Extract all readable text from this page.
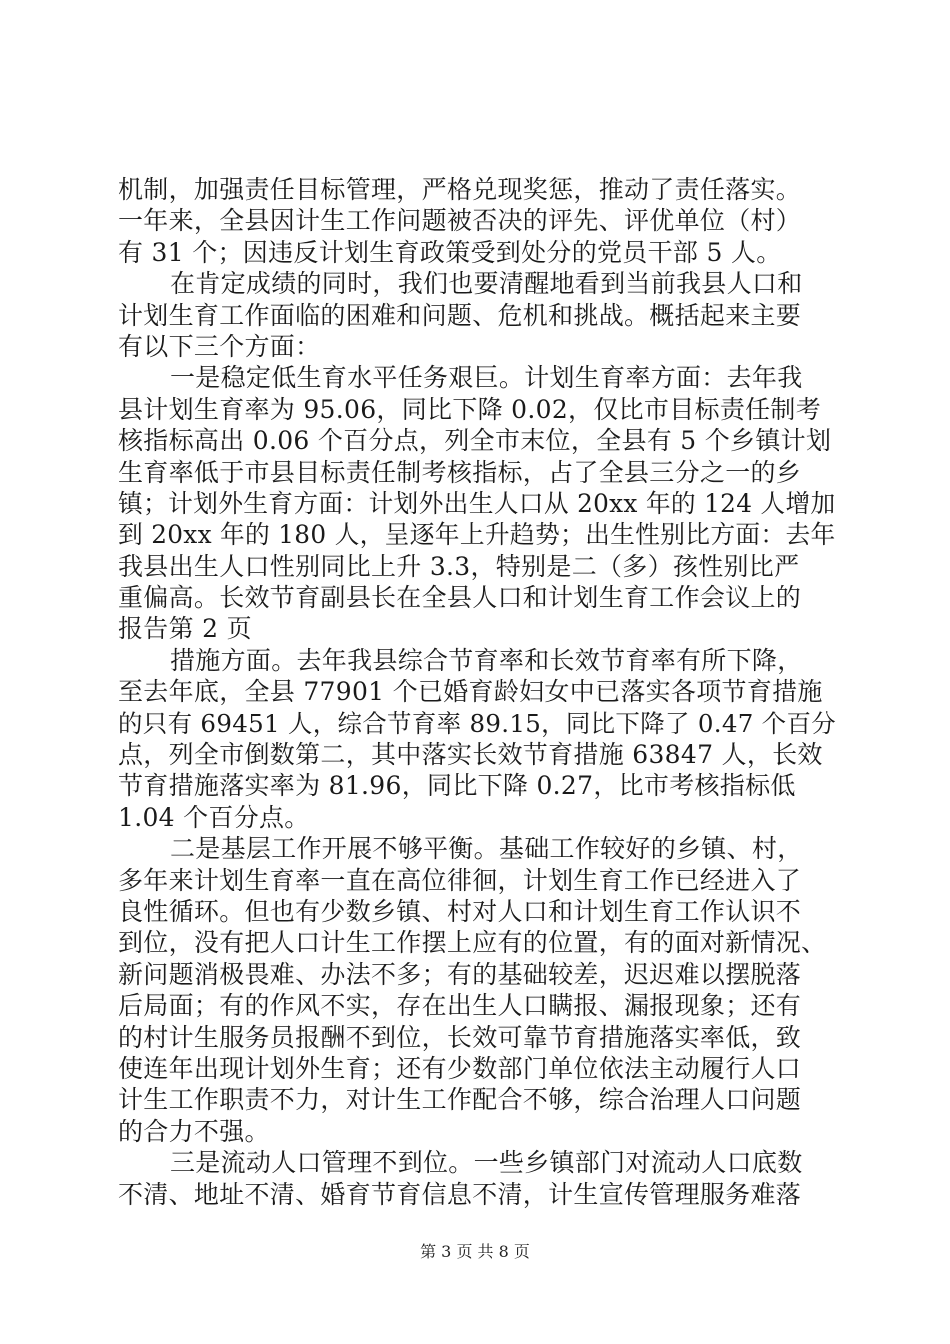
机制，加强责任目标管理，严格兑现奖惩，推动了责任落实。
一年来，全县因计生工作问题被否决的评先、评优单位（村）
有 31 个；因违反计划生育政策受到处分的党员干部 5 人。
在肯定成绩的同时，我们也要清醒地看到当前我县人口和
计划生育工作面临的困难和问题、危机和挑战。概括起来主要
有以下三个方面：
一是稳定低生育水平任务艰巨。计划生育率方面：去年我
县计划生育率为 95.06，同比下降 0.02，仅比市目标责任制考
核指标高出 0.06 个百分点，列全市末位，全县有 5 个乡镇计划
生育率低于市县目标责任制考核指标，占了全县三分之一的乡
镇；计划外生育方面：计划外出生人口从 20xx 年的 124 人增加
到 20xx 年的 180 人，呈逐年上升趋势；出生性别比方面：去年
我县出生人口性别同比上升 3.3，特别是二（多）孩性别比严
重偏高。长效节育副县长在全县人口和计划生育工作会议上的
报告第 2 页
措施方面。去年我县综合节育率和长效节育率有所下降，
至去年底，全县 77901 个已婚育龄妇女中已落实各项节育措施
的只有 69451 人，综合节育率 89.15，同比下降了 0.47 个百分
点，列全市倒数第二，其中落实长效节育措施 63847 人，长效
节育措施落实率为 81.96，同比下降 0.27，比市考核指标低
1.04 个百分点。
二是基层工作开展不够平衡。基础工作较好的乡镇、村，
多年来计划生育率一直在高位徘徊，计划生育工作已经进入了
良性循环。但也有少数乡镇、村对人口和计划生育工作认识不
到位，没有把人口计生工作摆上应有的位置，有的面对新情况、
新问题消极畏难、办法不多；有的基础较差，迟迟难以摆脱落
后局面；有的作风不实，存在出生人口瞒报、漏报现象；还有
的村计生服务员报酬不到位，长效可靠节育措施落实率低，致
使连年出现计划外生育；还有少数部门单位依法主动履行人口
计生工作职责不力，对计生工作配合不够，综合治理人口问题
的合力不强。
三是流动人口管理不到位。一些乡镇部门对流动人口底数
不清、地址不清、婚育节育信息不清，计生宣传管理服务难落
第 3 页 共 8 页
